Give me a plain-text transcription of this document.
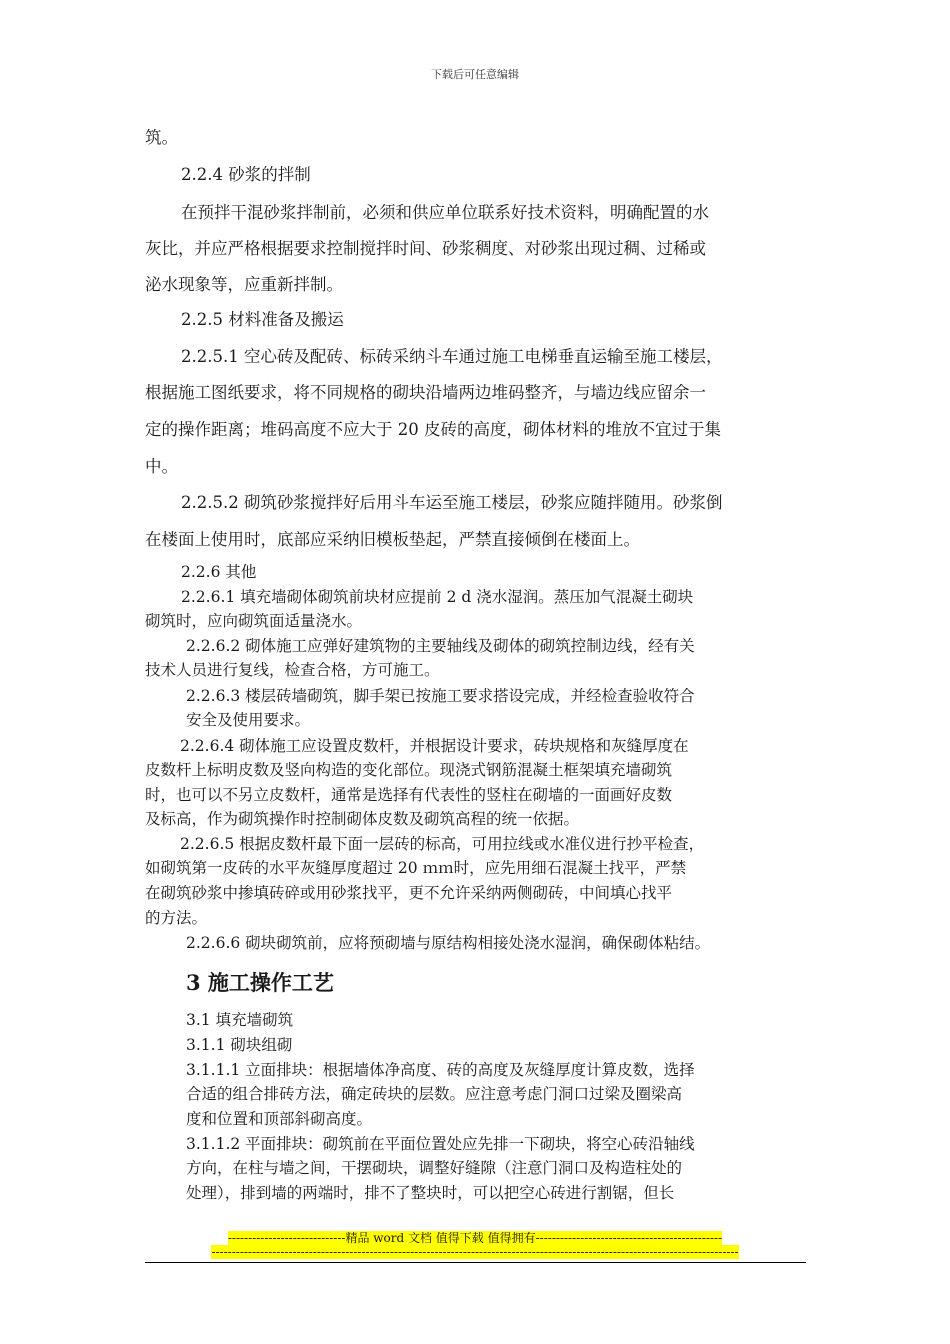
下载后可任意编辑

筑。

2.2.4 砂浆的拌制

在预拌干混砂浆拌制前，必须和供应单位联系好技术资料，明确配置的水

灰比，并应严格根据要求控制搅拌时间、砂浆稠度、对砂浆出现过稠、过稀或

泌水现象等，应重新拌制。

2.2.5 材料准备及搬运

2.2.5.1 空心砖及配砖、标砖采纳斗车通过施工电梯垂直运输至施工楼层，

根据施工图纸要求，将不同规格的砌块沿墙两边堆码整齐，与墙边线应留余一

定的操作距离；堆码高度不应大于 20 皮砖的高度，砌体材料的堆放不宜过于集

中。

2.2.5.2 砌筑砂浆搅拌好后用斗车运至施工楼层，砂浆应随拌随用。砂浆倒

在楼面上使用时，底部应采纳旧模板垫起，严禁直接倾倒在楼面上。

2.2.6 其他

2.2.6.1 填充墙砌体砌筑前块材应提前 2 d 浇水湿润。蒸压加气混凝土砌块

砌筑时，应向砌筑面适量浇水。

2.2.6.2 砌体施工应弹好建筑物的主要轴线及砌体的砌筑控制边线，经有关

技术人员进行复线，检查合格，方可施工。

2.2.6.3 楼层砖墙砌筑，脚手架已按施工要求搭设完成，并经检查验收符合

安全及使用要求。

2.2.6.4 砌体施工应设置皮数杆，并根据设计要求，砖块规格和灰缝厚度在

皮数杆上标明皮数及竖向构造的变化部位。现浇式钢筋混凝土框架填充墙砌筑

时，也可以不另立皮数杆，通常是选择有代表性的竖柱在砌墙的一面画好皮数

及标高，作为砌筑操作时控制砌体皮数及砌筑高程的统一依据。

2.2.6.5 根据皮数杆最下面一层砖的标高，可用拉线或水准仪进行抄平检查，

如砌筑第一皮砖的水平灰缝厚度超过 20 ｍｍ时，应先用细石混凝土找平，严禁

在砌筑砂浆中掺填砖碎或用砂浆找平，更不允许采纳两侧砌砖，中间填心找平

的方法。

2.2.6.6 砌块砌筑前，应将预砌墙与原结构相接处浇水湿润，确保砌体粘结。

3 施工操作工艺

3.1 填充墙砌筑

3.1.1 砌块组砌

3.1.1.1 立面排块：根据墙体净高度、砖的高度及灰缝厚度计算皮数，选择

合适的组合排砖方法，确定砖块的层数。应注意考虑门洞口过梁及圈梁高

度和位置和顶部斜砌高度。

3.1.1.2 平面排块：砌筑前在平面位置处应先排一下砌块，将空心砖沿轴线

方向，在柱与墙之间，干摆砌块，调整好缝隙（注意门洞口及构造柱处的

处理），排到墙的两端时，排不了整块时，可以把空心砖进行割锯，但长

-----------------------------精品 word 文档 值得下载 值得拥有----------------------------------------------
----------------------------------------------------------------------------------------------------------------------------------
